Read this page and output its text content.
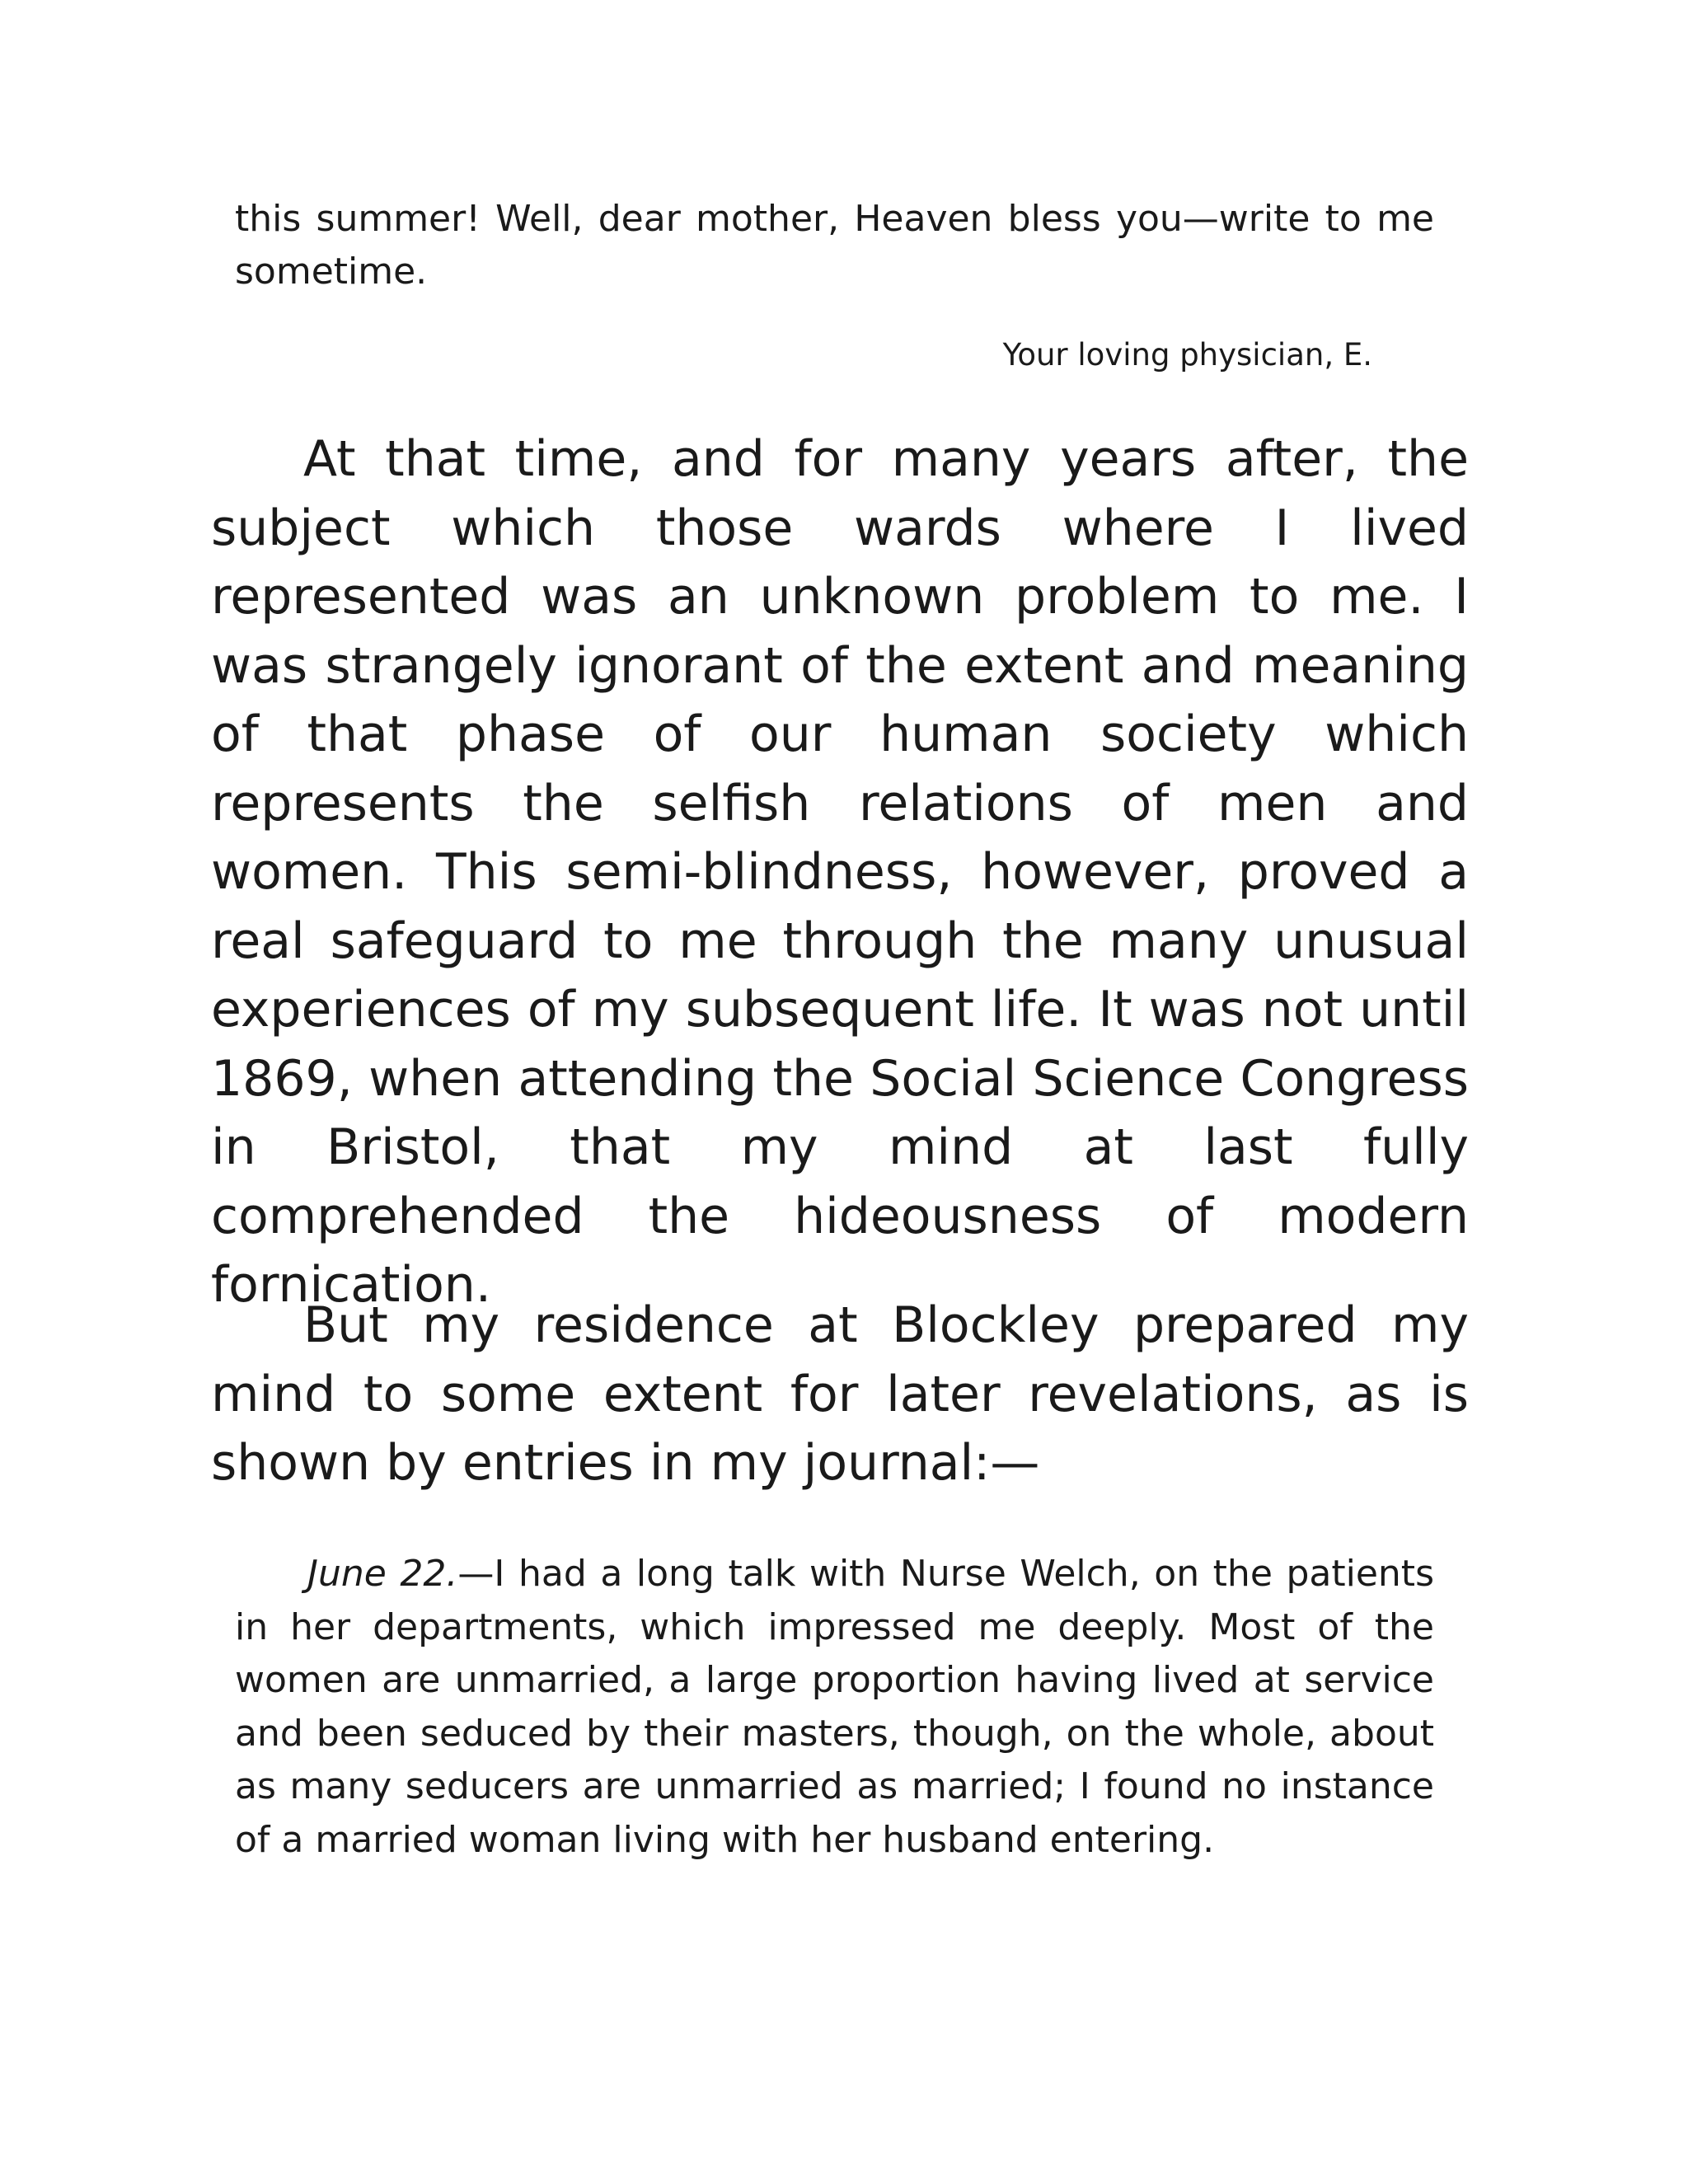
this summer! Well, dear mother, Heaven bless you—write to me sometime.

Your loving physician, E.

At that time, and for many years after, the subject which those wards where I lived represented was an unknown problem to me. I was strangely ignorant of the extent and meaning of that phase of our human society which represents the selfish relations of men and women. This semi-blindness, however, proved a real safeguard to me through the many unusual experiences of my subsequent life. It was not until 1869, when attending the Social Science Congress in Bristol, that my mind at last fully comprehended the hideousness of modern fornication.

But my residence at Blockley prepared my mind to some extent for later revelations, as is shown by entries in my journal:—

June 22.—I had a long talk with Nurse Welch, on the patients in her departments, which impressed me deeply. Most of the women are unmarried, a large proportion having lived at service and been seduced by their masters, though, on the whole, about as many seducers are unmarried as married; I found no instance of a married woman living with her husband entering.
